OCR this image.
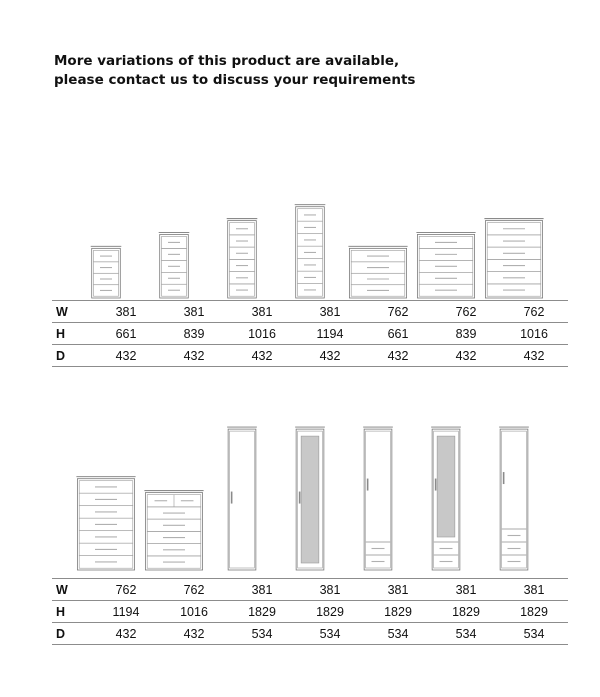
More variations of this product are available,
please contact us to discuss your requirements
W	381	381	381	381	762	762	762
H	661	839	1016	1194	661	839	1016
D	432	432	432	432	432	432	432
W	762	762	381	381	381	381	381
H	1194	1016	1829	1829	1829	1829	1829
D	432	432	534	534	534	534	534
